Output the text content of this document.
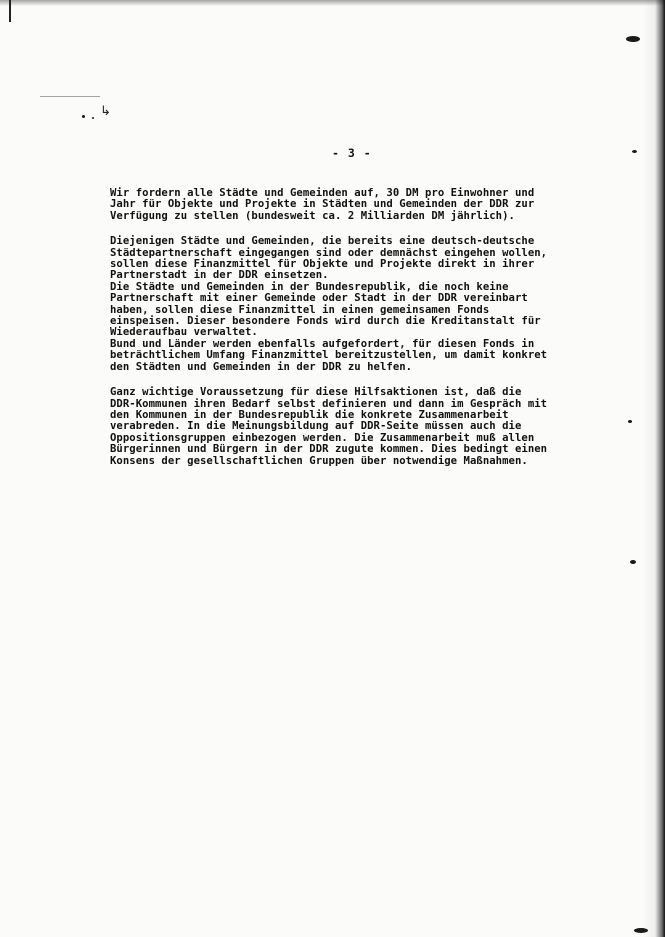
↳
- 3 -
Wir fordern alle Städte und Gemeinden auf, 30 DM pro Einwohner und
Jahr für Objekte und Projekte in Städten und Gemeinden der DDR zur
Verfügung zu stellen (bundesweit ca. 2 Milliarden DM jährlich).
Diejenigen Städte und Gemeinden, die bereits eine deutsch-deutsche
Städtepartnerschaft eingegangen sind oder demnächst eingehen wollen,
sollen diese Finanzmittel für Objekte und Projekte direkt in ihrer
Partnerstadt in der DDR einsetzen.
Die Städte und Gemeinden in der Bundesrepublik, die noch keine
Partnerschaft mit einer Gemeinde oder Stadt in der DDR vereinbart
haben, sollen diese Finanzmittel in einen gemeinsamen Fonds
einspeisen. Dieser besondere Fonds wird durch die Kreditanstalt für
Wiederaufbau verwaltet.
Bund und Länder werden ebenfalls aufgefordert, für diesen Fonds in
beträchtlichem Umfang Finanzmittel bereitzustellen, um damit konkret
den Städten und Gemeinden in der DDR zu helfen.
Ganz wichtige Voraussetzung für diese Hilfsaktionen ist, daß die
DDR-Kommunen ihren Bedarf selbst definieren und dann im Gespräch mit
den Kommunen in der Bundesrepublik die konkrete Zusammenarbeit
verabreden. In die Meinungsbildung auf DDR-Seite müssen auch die
Oppositionsgruppen einbezogen werden. Die Zusammenarbeit muß allen
Bürgerinnen und Bürgern in der DDR zugute kommen. Dies bedingt einen
Konsens der gesellschaftlichen Gruppen über notwendige Maßnahmen.
